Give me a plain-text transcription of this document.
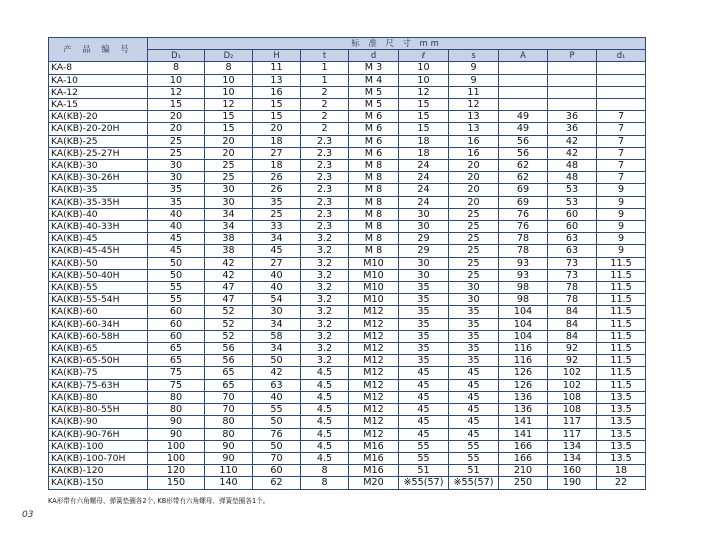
产 品 编 号	标 准 尺 寸 mm									
	D₁	D₂	H	t	d	ℓ	s	A	P	d₁
KA-8	8	8	11	1	M 3	10	9			
KA-10	10	10	13	1	M 4	10	9			
KA-12	12	10	16	2	M 5	12	11			
KA-15	15	12	15	2	M 5	15	12			
KA(KB)-20	20	15	15	2	M 6	15	13	49	36	7
KA(KB)-20-20H	20	15	20	2	M 6	15	13	49	36	7
KA(KB)-25	25	20	18	2.3	M 6	18	16	56	42	7
KA(KB)-25-27H	25	20	27	2.3	M 6	18	16	56	42	7
KA(KB)-30	30	25	18	2.3	M 8	24	20	62	48	7
KA(KB)-30-26H	30	25	26	2.3	M 8	24	20	62	48	7
KA(KB)-35	35	30	26	2.3	M 8	24	20	69	53	9
KA(KB)-35-35H	35	30	35	2.3	M 8	24	20	69	53	9
KA(KB)-40	40	34	25	2.3	M 8	30	25	76	60	9
KA(KB)-40-33H	40	34	33	2.3	M 8	30	25	76	60	9
KA(KB)-45	45	38	34	3.2	M 8	29	25	78	63	9
KA(KB)-45-45H	45	38	45	3.2	M 8	29	25	78	63	9
KA(KB)-50	50	42	27	3.2	M10	30	25	93	73	11.5
KA(KB)-50-40H	50	42	40	3.2	M10	30	25	93	73	11.5
KA(KB)-55	55	47	40	3.2	M10	35	30	98	78	11.5
KA(KB)-55-54H	55	47	54	3.2	M10	35	30	98	78	11.5
KA(KB)-60	60	52	30	3.2	M12	35	35	104	84	11.5
KA(KB)-60-34H	60	52	34	3.2	M12	35	35	104	84	11.5
KA(KB)-60-58H	60	52	58	3.2	M12	35	35	104	84	11.5
KA(KB)-65	65	56	34	3.2	M12	35	35	116	92	11.5
KA(KB)-65-50H	65	56	50	3.2	M12	35	35	116	92	11.5
KA(KB)-75	75	65	42	4.5	M12	45	45	126	102	11.5
KA(KB)-75-63H	75	65	63	4.5	M12	45	45	126	102	11.5
KA(KB)-80	80	70	40	4.5	M12	45	45	136	108	13.5
KA(KB)-80-55H	80	70	55	4.5	M12	45	45	136	108	13.5
KA(KB)-90	90	80	50	4.5	M12	45	45	141	117	13.5
KA(KB)-90-76H	90	80	76	4.5	M12	45	45	141	117	13.5
KA(KB)-100	100	90	50	4.5	M16	55	55	166	134	13.5
KA(KB)-100-70H	100	90	70	4.5	M16	55	55	166	134	13.5
KA(KB)-120	120	110	60	8	M16	51	51	210	160	18
KA(KB)-150	150	140	62	8	M20	※55(57)	※55(57)	250	190	22
KA形带有六角螺母、弹簧垫圈各2个, KB形带有六角螺母、弹簧垫圈各1个。
03
